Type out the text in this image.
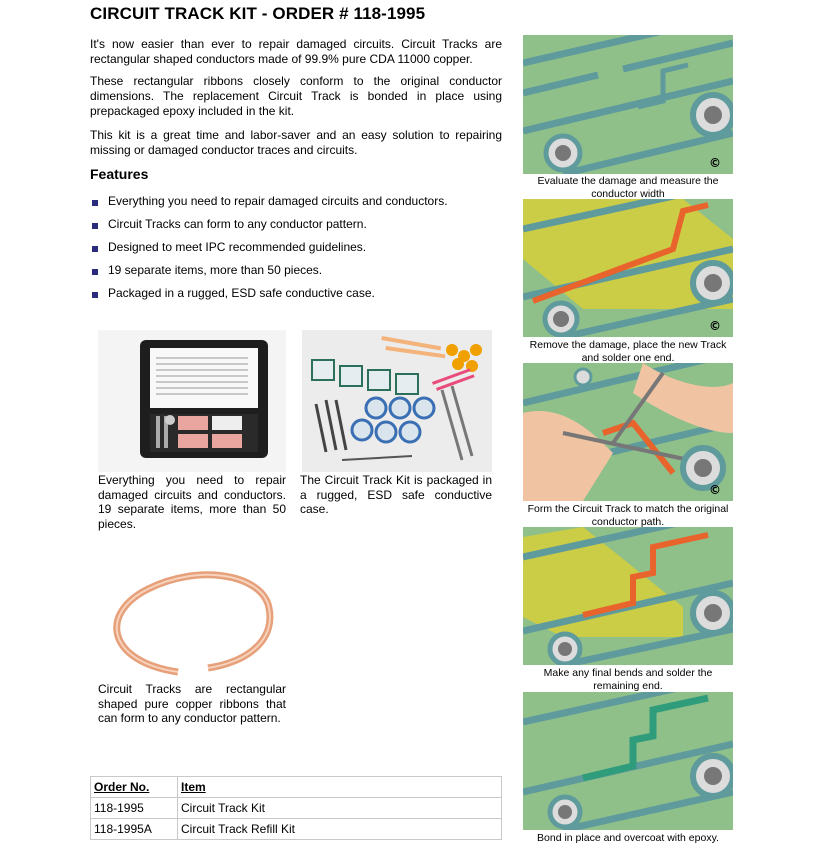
CIRCUIT TRACK KIT - ORDER # 118-1995

It's now easier than ever to repair damaged circuits. Circuit Tracks are rectangular shaped conductors made of 99.9% pure CDA 11000 copper.

These rectangular ribbons closely conform to the original conductor dimensions. The replacement Circuit Track is bonded in place using prepackaged epoxy included in the kit.

This kit is a great time and labor-saver and an easy solution to repairing missing or damaged conductor traces and circuits.

Features
Everything you need to repair damaged circuits and conductors.
Circuit Tracks can form to any conductor pattern.
Designed to meet IPC recommended guidelines.
19 separate items, more than 50 pieces.
Packaged in a rugged, ESD safe conductive case.

Everything you need to repair damaged circuits and conductors. 19 separate items, more than 50 pieces.

The Circuit Track Kit is packaged in a rugged, ESD safe conductive case.

Circuit Tracks are rectangular shaped pure copper ribbons that can form to any conductor pattern.

Order No.	Item
118-1995	Circuit Track Kit
118-1995A	Circuit Track Refill Kit
©

Evaluate the damage and measure the conductor width

©

Remove the damage, place the new Track and solder one end.

©

Form the Circuit Track to match the original conductor path.

Make any final bends and solder the remaining end.

Bond in place and overcoat with epoxy.
